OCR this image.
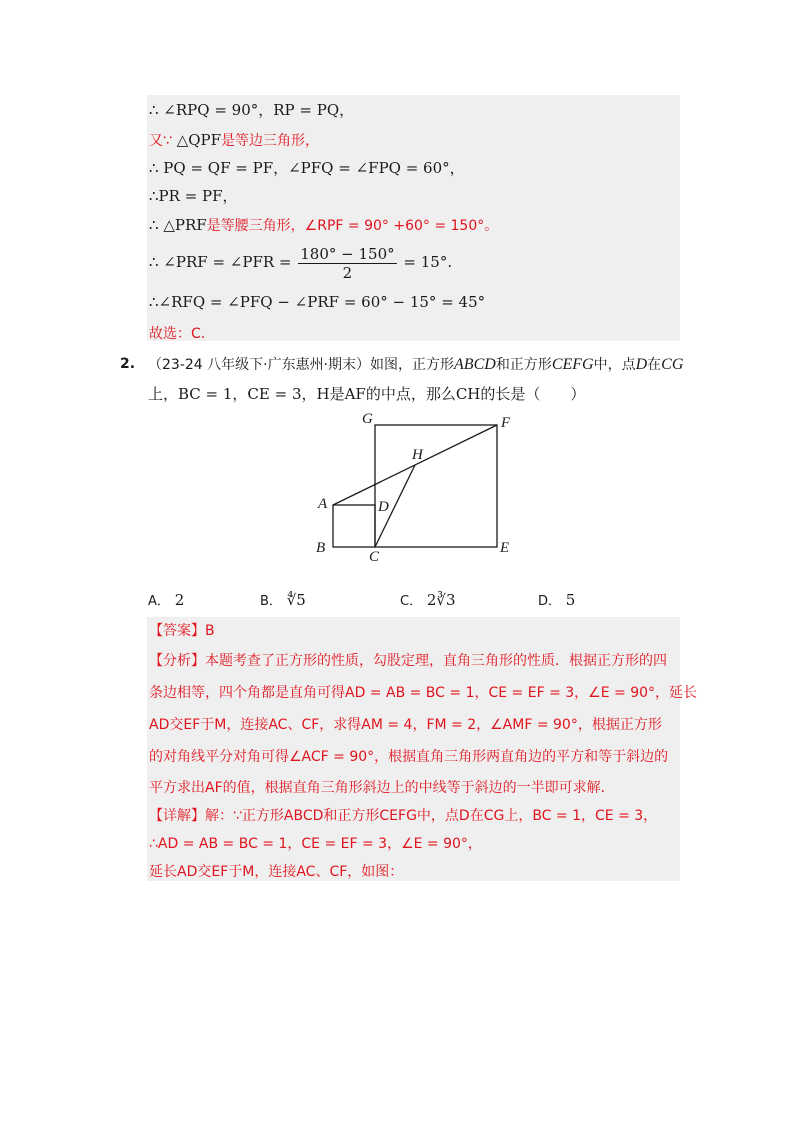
∴ ∠RPQ = 90°，RP = PQ，
又∵ △QPF是等边三角形，
∴ PQ = QF = PF，∠PFQ = ∠FPQ = 60°，
∴PR = PF，
∴ △PRF是等腰三角形，∠RPF = 90° +60° = 150°。
∴ ∠PRF = ∠PFR = $\frac{180^\circ - 150^\circ}{2} = 15^\circ$.
∴∠RFQ = ∠PFQ − ∠PRF = 60° − 15° = 45°
故选：C.
2. （23-24 八年级下·广东惠州·期末）如图，正方形ABCD和正方形CEFG中，点D在CG
上，BC = 1，CE = 3，H是AF的中点，那么CH的长是（　　）
G	F
H
A	D
B
C
E
A． 2	B． ∜5	C． 2∛3	D． 5
【答案】B
【分析】本题考查了正方形的性质，勾股定理，直角三角形的性质．根据正方形的四
条边相等，四个角都是直角可得AD = AB = BC = 1，CE = EF = 3，∠E = 90°，延长
AD交EF于M，连接AC、CF，求得AM = 4，FM = 2，∠AMF = 90°，根据正方形
的对角线平分对角可得∠ACF = 90°，根据直角三角形两直角边的平方和等于斜边的
平方求出AF的值，根据直角三角形斜边上的中线等于斜边的一半即可求解．
【详解】解：∵正方形ABCD和正方形CEFG中，点D在CG上，BC = 1，CE = 3，
∴AD = AB = BC = 1，CE = EF = 3，∠E = 90°，
延长AD交EF于M，连接AC、CF，如图：
